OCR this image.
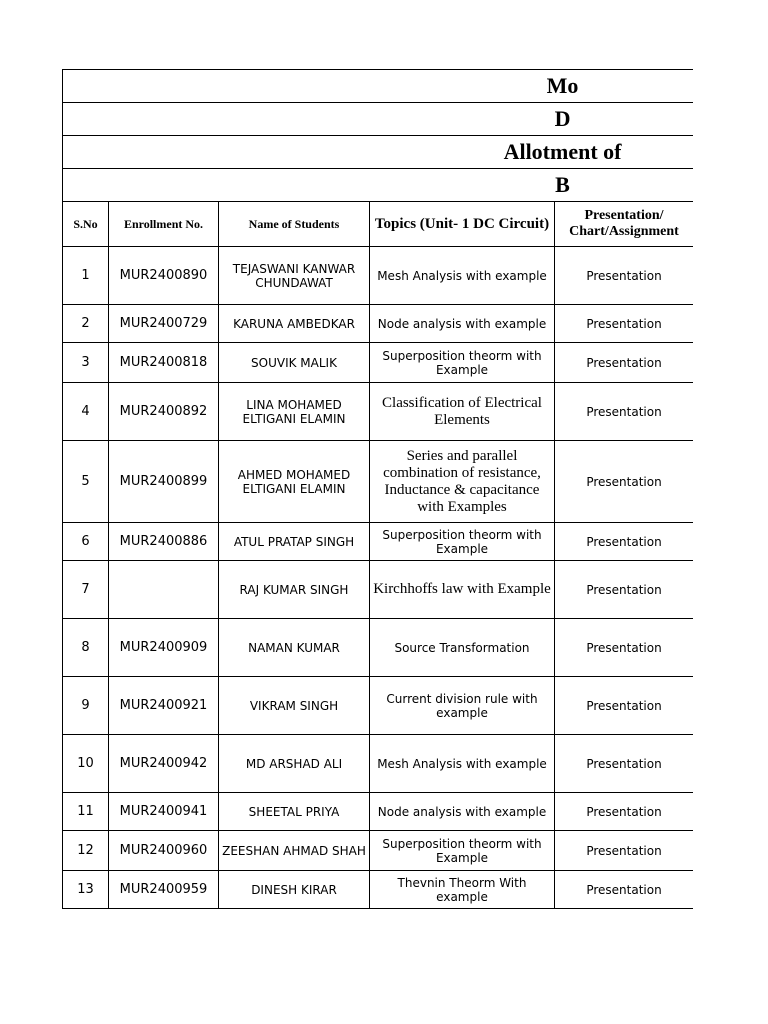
Mo					
D					
Allotment of					
B					
S.No	Enrollment No.	Name of Students	Topics (Unit- 1 DC Circuit)	Presentation/ Chart/Assignment	
1	MUR2400890	TEJASWANI KANWAR CHUNDAWAT	Mesh Analysis with example	Presentation	
2	MUR2400729	KARUNA AMBEDKAR	Node analysis with example	Presentation	
3	MUR2400818	SOUVIK MALIK	Superposition theorm with Example	Presentation	
4	MUR2400892	LINA MOHAMED ELTIGANI ELAMIN	Classification of Electrical Elements	Presentation	
5	MUR2400899	AHMED MOHAMED ELTIGANI ELAMIN	Series and parallel combination of resistance, Inductance & capacitance with Examples	Presentation	
6	MUR2400886	ATUL PRATAP SINGH	Superposition theorm with Example	Presentation	
7		RAJ KUMAR SINGH	Kirchhoffs law with Example	Presentation	
8	MUR2400909	NAMAN KUMAR	Source Transformation	Presentation	
9	MUR2400921	VIKRAM SINGH	Current division rule with example	Presentation	
10	MUR2400942	MD ARSHAD ALI	Mesh Analysis with example	Presentation	
11	MUR2400941	SHEETAL PRIYA	Node analysis with example	Presentation	
12	MUR2400960	ZEESHAN AHMAD SHAH	Superposition theorm with Example	Presentation	
13	MUR2400959	DINESH KIRAR	Thevnin Theorm With example	Presentation	
